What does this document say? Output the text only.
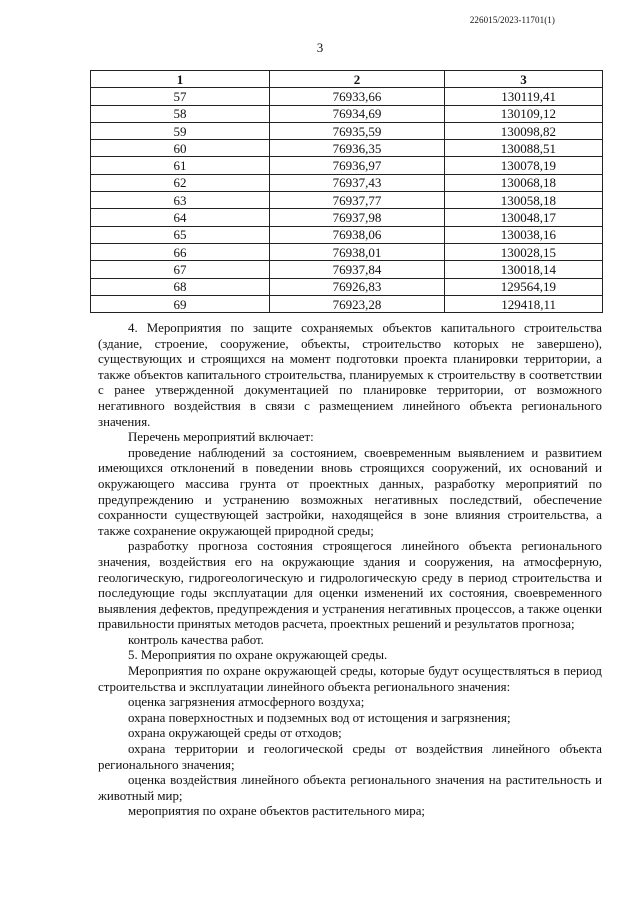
226015/2023-11701(1)
3
1	2	3
57	76933,66	130119,41
58	76934,69	130109,12
59	76935,59	130098,82
60	76936,35	130088,51
61	76936,97	130078,19
62	76937,43	130068,18
63	76937,77	130058,18
64	76937,98	130048,17
65	76938,06	130038,16
66	76938,01	130028,15
67	76937,84	130018,14
68	76926,83	129564,19
69	76923,28	129418,11

4. Мероприятия по защите сохраняемых объектов капитального строительства (здание, строение, сооружение, объекты, строительство которых не завершено), существующих и строящихся на момент подготовки проекта планировки территории, а также объектов капитального строительства, планируемых к строительству в соответствии с ранее утвержденной документацией по планировке территории, от возможного негативного воздействия в связи с размещением линейного объекта регионального значения.

Перечень мероприятий включает:

проведение наблюдений за состоянием, своевременным выявлением и развитием имеющихся отклонений в поведении вновь строящихся сооружений, их оснований и окружающего массива грунта от проектных данных, разработку мероприятий по предупреждению и устранению возможных негативных последствий, обеспечение сохранности существующей застройки, находящейся в зоне влияния строительства, а также сохранение окружающей природной среды;

разработку прогноза состояния строящегося линейного объекта регионального значения, воздействия его на окружающие здания и сооружения, на атмосферную, геологическую, гидрогеологическую и гидрологическую среду в период строительства и последующие годы эксплуатации для оценки изменений их состояния, своевременного выявления дефектов, предупреждения и устранения негативных процессов, а также оценки правильности принятых методов расчета, проектных решений и результатов прогноза;

контроль качества работ.

5. Мероприятия по охране окружающей среды.

Мероприятия по охране окружающей среды, которые будут осуществляться в период строительства и эксплуатации линейного объекта регионального значения:

оценка загрязнения атмосферного воздуха;

охрана поверхностных и подземных вод от истощения и загрязнения;

охрана окружающей среды от отходов;

охрана территории и геологической среды от воздействия линейного объекта регионального значения;

оценка воздействия линейного объекта регионального значения на растительность и животный мир;

мероприятия по охране объектов растительного мира;
